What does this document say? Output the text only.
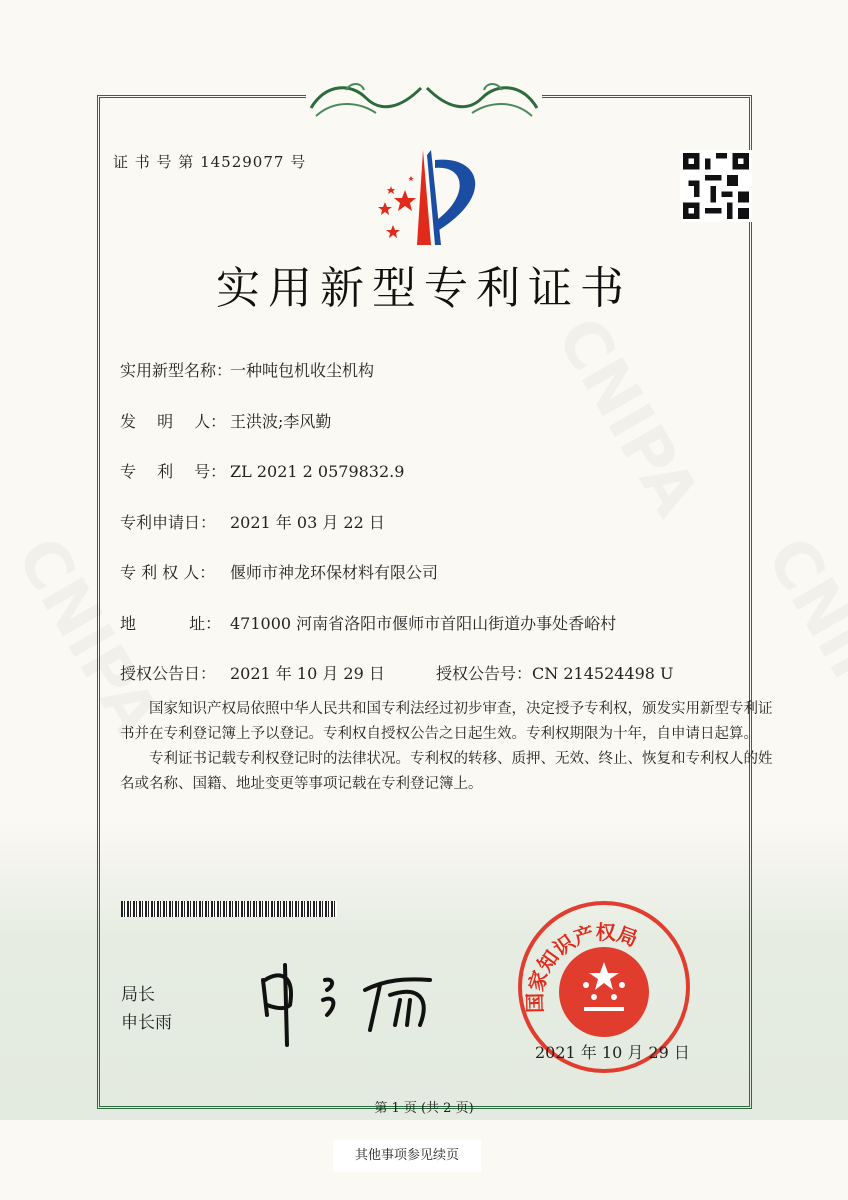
证 书 号 第 14529077 号
实用新型专利证书
实用新型名称：一种吨包机收尘机构
发　 明　 人： 王洪波;李风勤
专　 利　 号： ZL 2021 2 0579832.9
专利申请日： 2021 年 03 月 22 日
专 利 权 人： 偃师市神龙环保材料有限公司
地　　　 址： 471000 河南省洛阳市偃师市首阳山街道办事处香峪村
授权公告日： 2021 年 10 月 29 日	授权公告号：CN 214524498 U

国家知识产权局依照中华人民共和国专利法经过初步审查，决定授予专利权，颁发实用新型专利证书并在专利登记簿上予以登记。专利权自授权公告之日起生效。专利权期限为十年，自申请日起算。

专利证书记载专利权登记时的法律状况。专利权的转移、质押、无效、终止、恢复和专利权人的姓名或名称、国籍、地址变更等事项记载在专利登记簿上。

局长
申长雨
国家知识产权局
2021 年 10 月 29 日
第 1 页 (共 2 页)
其他事项参见续页
